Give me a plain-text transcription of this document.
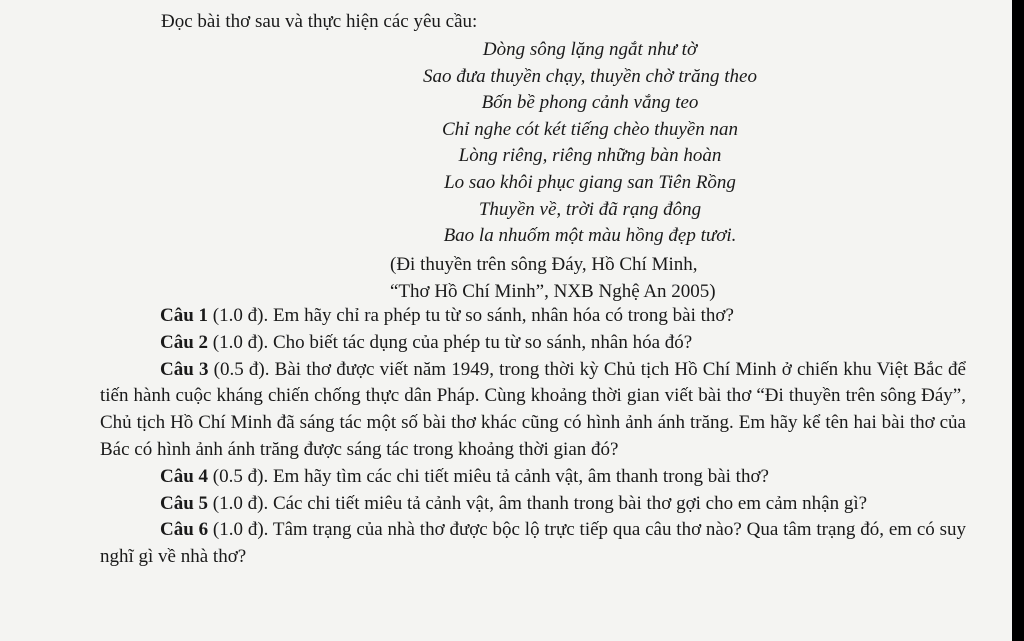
Đọc bài thơ sau và thực hiện các yêu cầu:
Dòng sông lặng ngắt như tờ
Sao đưa thuyền chạy, thuyền chờ trăng theo
Bốn bề phong cảnh vắng teo
Chỉ nghe cót két tiếng chèo thuyền nan
Lòng riêng, riêng những bàn hoàn
Lo sao khôi phục giang san Tiên Rồng
Thuyền về, trời đã rạng đông
Bao la nhuốm một màu hồng đẹp tươi.
(Đi thuyền trên sông Đáy, Hồ Chí Minh,
“Thơ Hồ Chí Minh”, NXB Nghệ An 2005)

Câu 1 (1.0 đ). Em hãy chỉ ra phép tu từ so sánh, nhân hóa có trong bài thơ?

Câu 2 (1.0 đ). Cho biết tác dụng của phép tu từ so sánh, nhân hóa đó?

Câu 3 (0.5 đ). Bài thơ được viết năm 1949, trong thời kỳ Chủ tịch Hồ Chí Minh ở chiến khu Việt Bắc để tiến hành cuộc kháng chiến chống thực dân Pháp. Cùng khoảng thời gian viết bài thơ “Đi thuyền trên sông Đáy”, Chủ tịch Hồ Chí Minh đã sáng tác một số bài thơ khác cũng có hình ảnh ánh trăng. Em hãy kể tên hai bài thơ của Bác có hình ảnh ánh trăng được sáng tác trong khoảng thời gian đó?

Câu 4 (0.5 đ). Em hãy tìm các chi tiết miêu tả cảnh vật, âm thanh trong bài thơ?

Câu 5 (1.0 đ). Các chi tiết miêu tả cảnh vật, âm thanh trong bài thơ gợi cho em cảm nhận gì?

Câu 6 (1.0 đ). Tâm trạng của nhà thơ được bộc lộ trực tiếp qua câu thơ nào? Qua tâm trạng đó, em có suy nghĩ gì về nhà thơ?
